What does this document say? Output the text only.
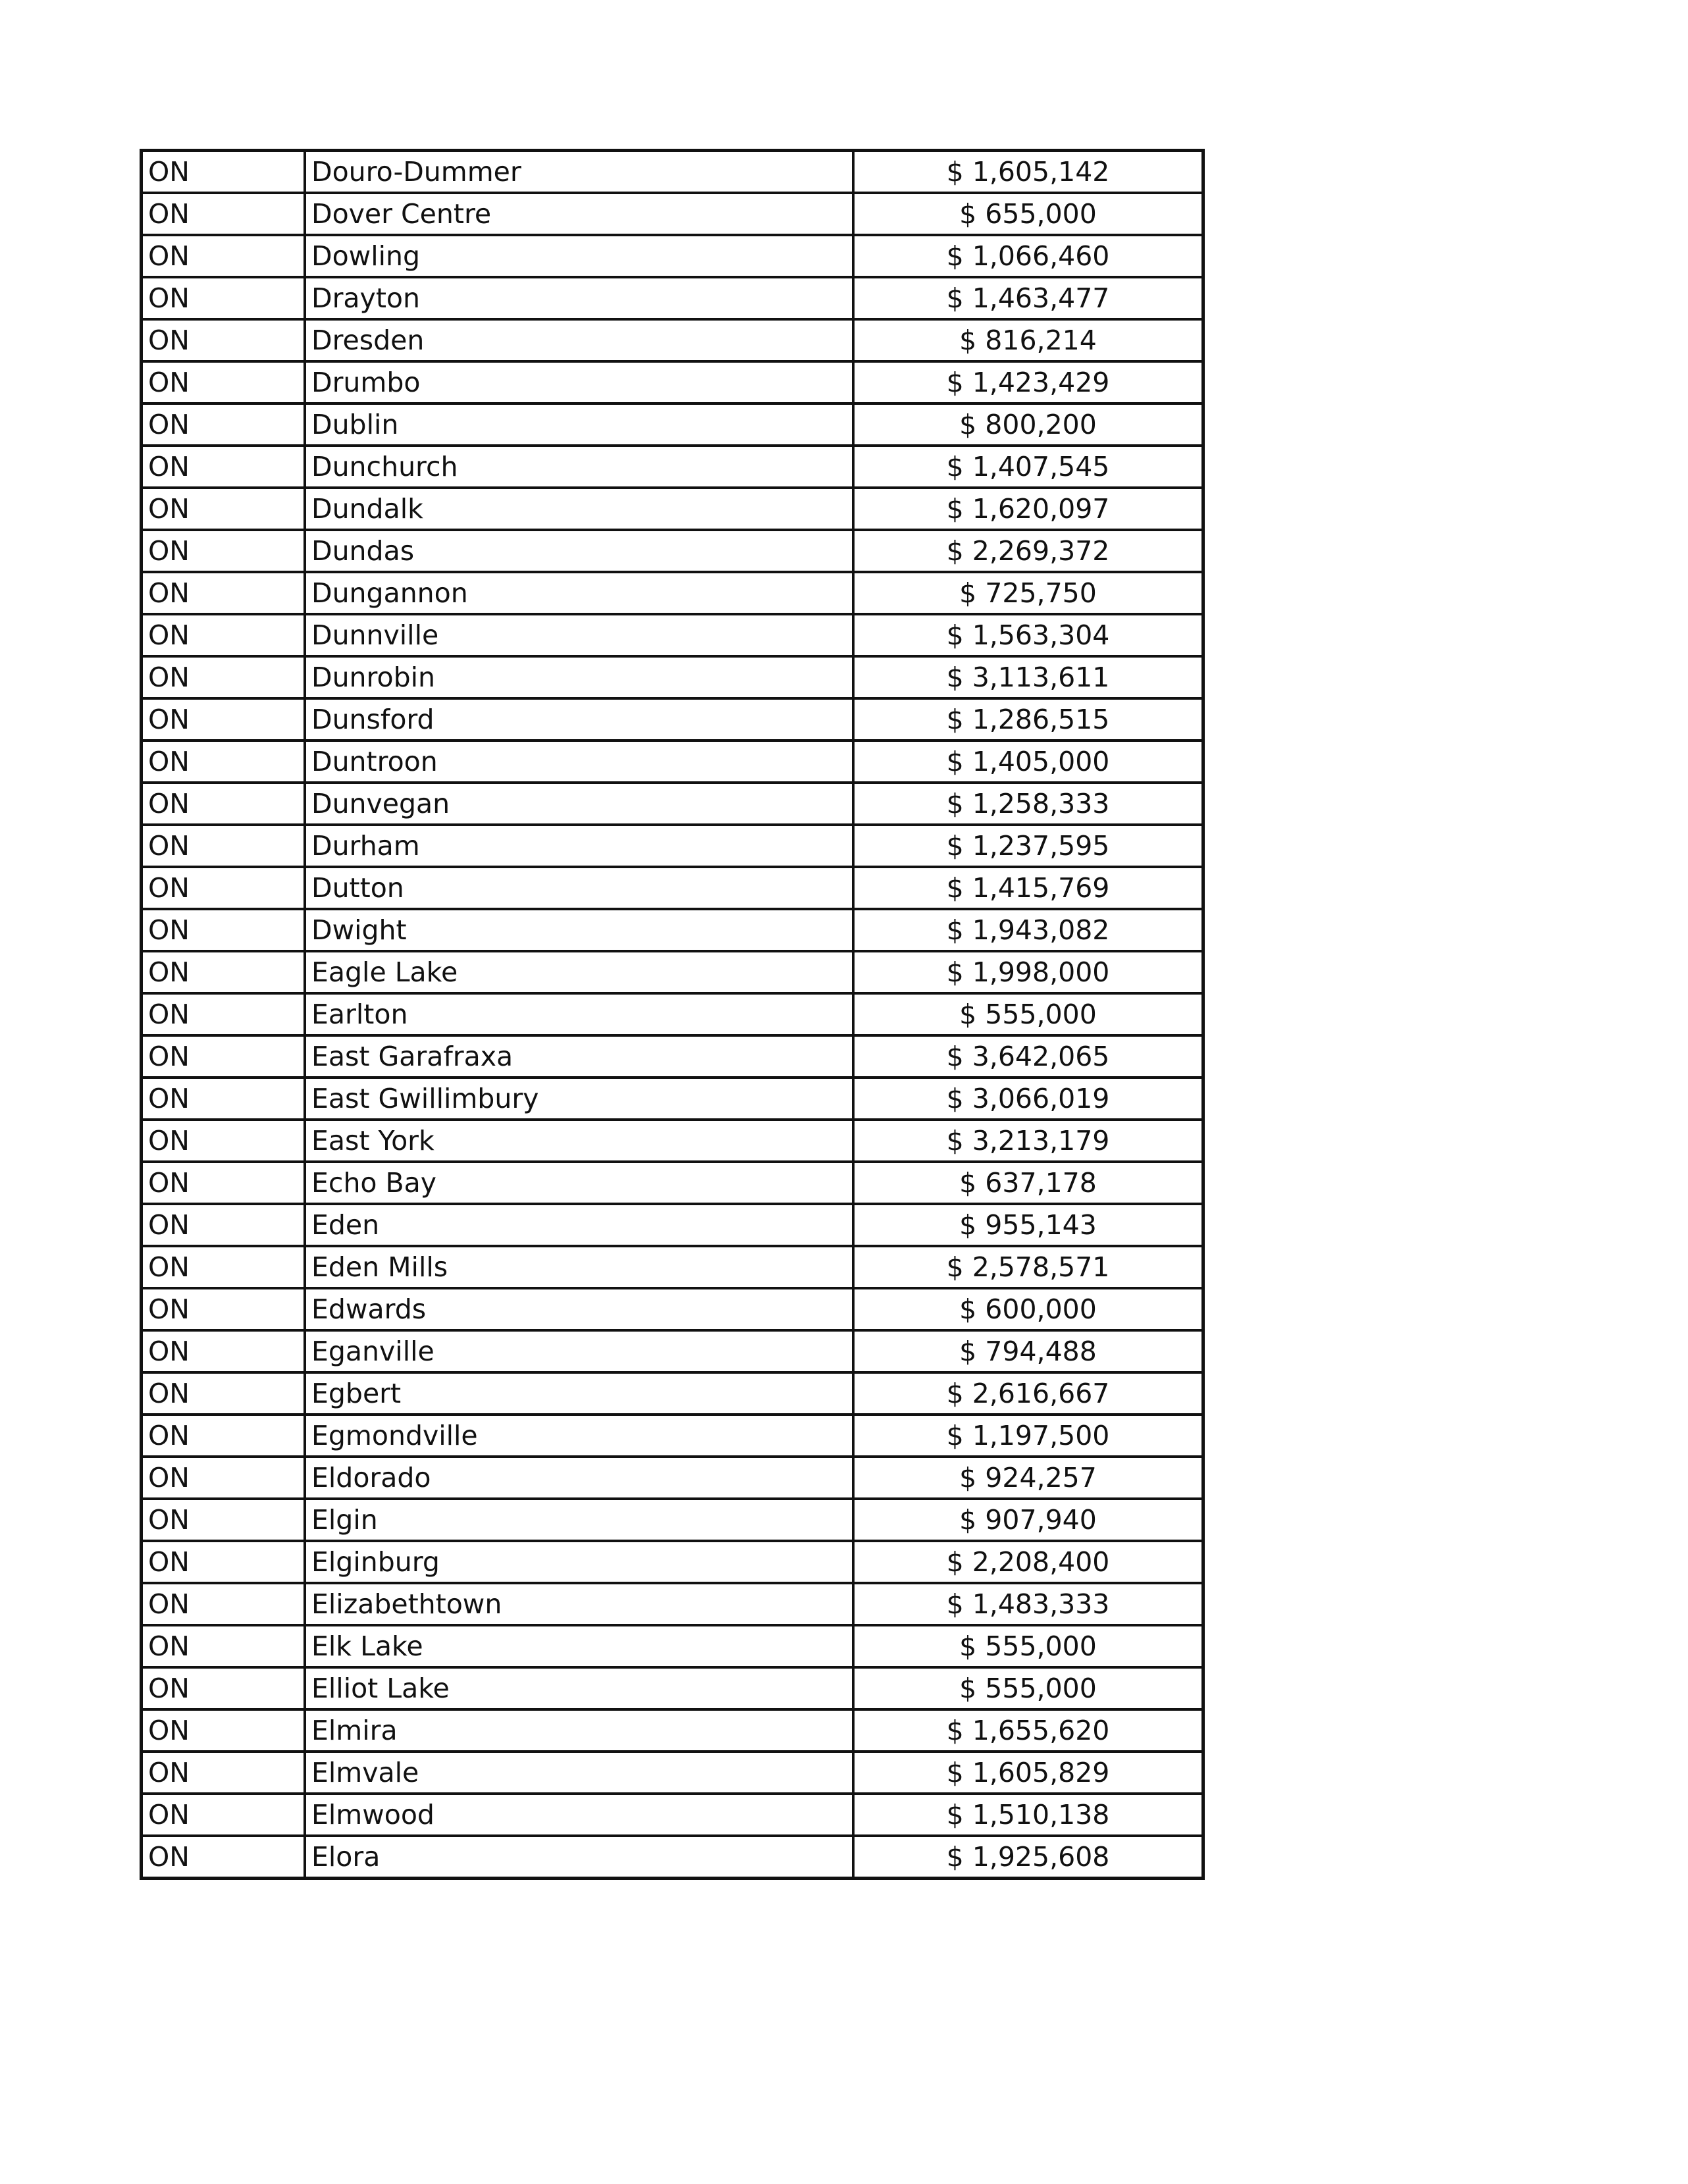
ON	Douro-Dummer	$ 1,605,142
ON	Dover Centre	$ 655,000
ON	Dowling	$ 1,066,460
ON	Drayton	$ 1,463,477
ON	Dresden	$ 816,214
ON	Drumbo	$ 1,423,429
ON	Dublin	$ 800,200
ON	Dunchurch	$ 1,407,545
ON	Dundalk	$ 1,620,097
ON	Dundas	$ 2,269,372
ON	Dungannon	$ 725,750
ON	Dunnville	$ 1,563,304
ON	Dunrobin	$ 3,113,611
ON	Dunsford	$ 1,286,515
ON	Duntroon	$ 1,405,000
ON	Dunvegan	$ 1,258,333
ON	Durham	$ 1,237,595
ON	Dutton	$ 1,415,769
ON	Dwight	$ 1,943,082
ON	Eagle Lake	$ 1,998,000
ON	Earlton	$ 555,000
ON	East Garafraxa	$ 3,642,065
ON	East Gwillimbury	$ 3,066,019
ON	East York	$ 3,213,179
ON	Echo Bay	$ 637,178
ON	Eden	$ 955,143
ON	Eden Mills	$ 2,578,571
ON	Edwards	$ 600,000
ON	Eganville	$ 794,488
ON	Egbert	$ 2,616,667
ON	Egmondville	$ 1,197,500
ON	Eldorado	$ 924,257
ON	Elgin	$ 907,940
ON	Elginburg	$ 2,208,400
ON	Elizabethtown	$ 1,483,333
ON	Elk Lake	$ 555,000
ON	Elliot Lake	$ 555,000
ON	Elmira	$ 1,655,620
ON	Elmvale	$ 1,605,829
ON	Elmwood	$ 1,510,138
ON	Elora	$ 1,925,608
